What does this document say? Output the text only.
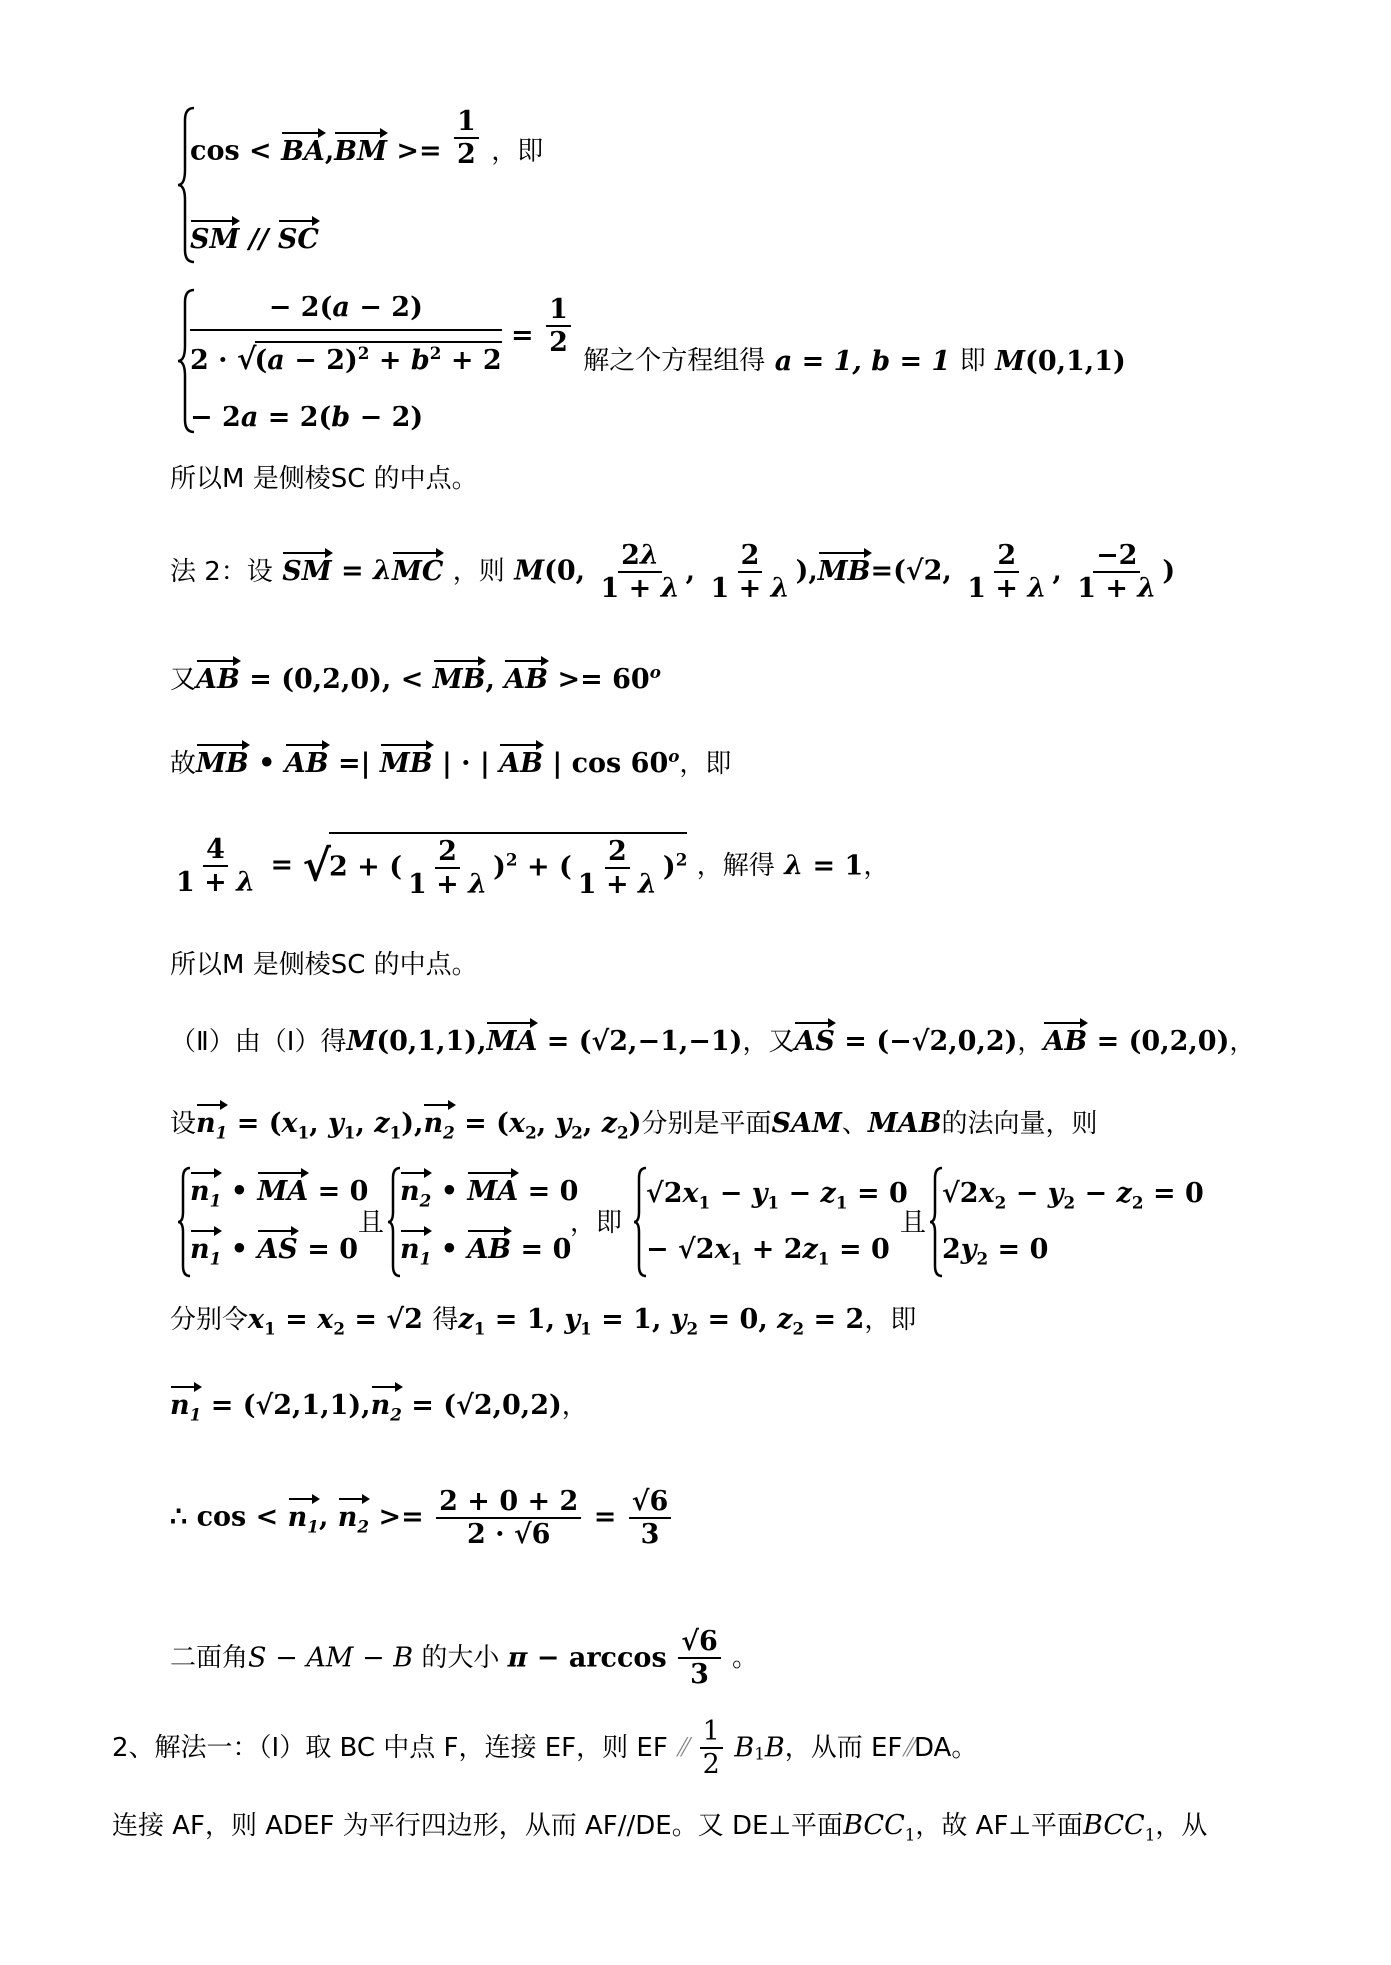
$\cos < BA,BM >= \frac{1}{2}$ ，即
SM // SC
$\frac{- 2(a - 2)}{2 \cdot √(a - 2)^2 + b^2 + 2} = \frac{1}{2}$
解之个方程组得 a = 1, b = 1 即 M(0,1,1)
− 2a = 2(b − 2)
所以M 是侧棱SC 的中点。
法 2：设 SM = λMC ，则 M(0, $\frac{2\lambda}{1 + \lambda}$ , $\frac{2}{1 + \lambda} ),MB=(√2$, $\frac{2}{1 + \lambda}$ , $\frac{-2}{1 + \lambda}$ )
又AB = (0,2,0), < MB, AB >= $60^o$
故MB • AB =| MB | · | AB | cos 60$^o$，即
$\frac{4}{1 + \lambda} = √2$ + ( $\frac{2}{1 + \lambda} )^2$ + ( $\frac{2}{1 + \lambda} )^2$ ，解得 λ = 1，
所以M 是侧棱SC 的中点。
（Ⅱ）由（Ⅰ）得M(0,1,1),MA = (√2,−1,−1)，又AS = (−√2,0,2)，AB = (0,2,0)，
设$n_1 = (x_1$, $y_1$, $z_1),n_2 = (x_2$, $y_2$, $z_2$)分别是平面SAM、MAB的法向量，则
$n_1$ • MA = 0
$n_1$ • AS = 0
且
$n_2$ • MA = 0
$n_1$ • AB = 0
，即
$√2x_1 - y_1 - z_1 = 0$
− $√2x_1 + 2z_1 = 0$
且
$√2x_2 - y_2 - z_2 = 0$
$2y_2 = 0$
分别令$x_1 = x_2 = √2$ 得$z_1 = 1$, $y_1 = 1$, $y_2 = 0$, $z_2 = 2$，即
$n_1 = (√2,1,1),n_2 = (√2,0,2)$，
∴ $\cos < n_1$, $n_2 >= \frac{2 + 0 + 2}{2 \cdot √6} = \frac{√6}{3}$
二面角S − AM − B 的大小 $\pi - \arccos \frac{√6}{3}$ 。
2、解法一：（Ⅰ）取 BC 中点 F，连接 EF，则 EF ⫽ $\frac{1}{2} B_1B$，从而 EF⫽DA。
连接 AF，则 ADEF 为平行四边形，从而 AF//DE。又 DE⊥平面$BCC_1$，故 AF⊥平面$BCC_1$，从
